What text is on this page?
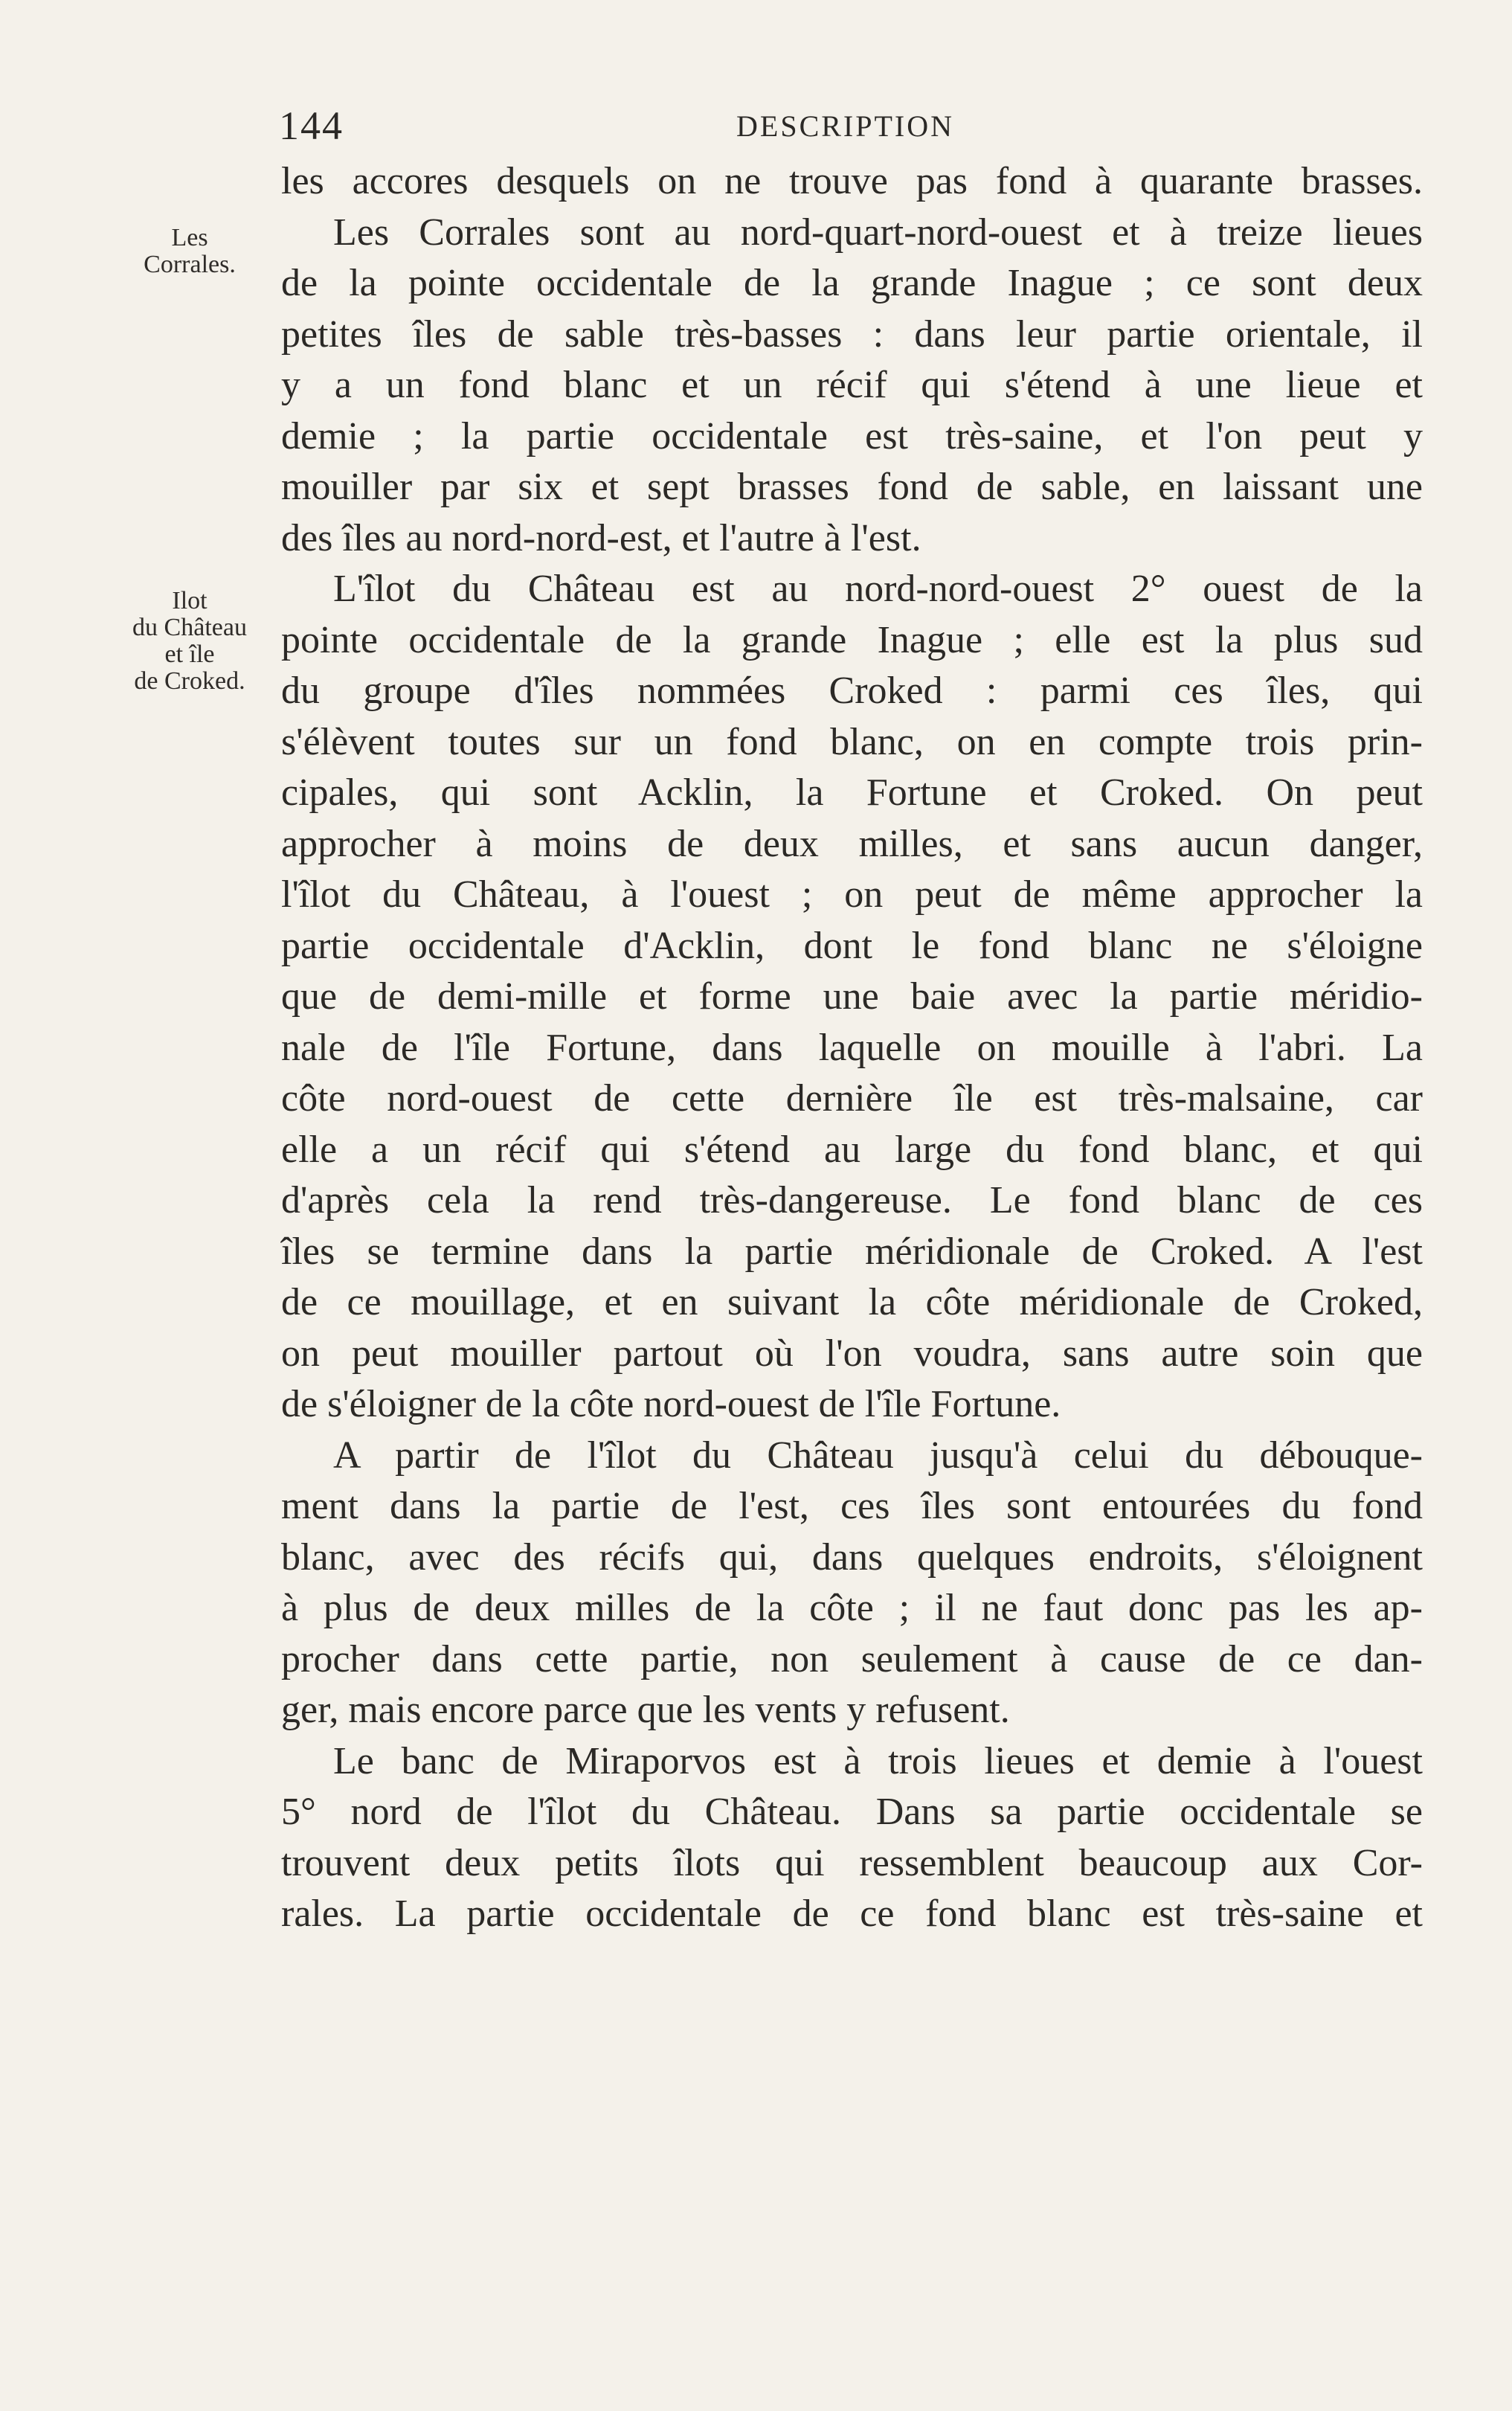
144	DESCRIPTION
Les
Corrales.
Ilot
du Château
et île
de Croked.
les accores desquels on ne trouve pas fond à quarante brasses.
Les Corrales sont au nord-quart-nord-ouest et à treize lieues
de la pointe occidentale de la grande Inague ; ce sont deux
petites îles de sable très-basses : dans leur partie orientale, il
y a un fond blanc et un récif qui s'étend à une lieue et
demie ; la partie occidentale est très-saine, et l'on peut y
mouiller par six et sept brasses fond de sable, en laissant une
des îles au nord-nord-est, et l'autre à l'est.
L'îlot du Château est au nord-nord-ouest 2° ouest de la
pointe occidentale de la grande Inague ; elle est la plus sud
du groupe d'îles nommées Croked : parmi ces îles, qui
s'élèvent toutes sur un fond blanc, on en compte trois prin-
cipales, qui sont Acklin, la Fortune et Croked. On peut
approcher à moins de deux milles, et sans aucun danger,
l'îlot du Château, à l'ouest ; on peut de même approcher la
partie occidentale d'Acklin, dont le fond blanc ne s'éloigne
que de demi-mille et forme une baie avec la partie méridio-
nale de l'île Fortune, dans laquelle on mouille à l'abri. La
côte nord-ouest de cette dernière île est très-malsaine, car
elle a un récif qui s'étend au large du fond blanc, et qui
d'après cela la rend très-dangereuse. Le fond blanc de ces
îles se termine dans la partie méridionale de Croked. A l'est
de ce mouillage, et en suivant la côte méridionale de Croked,
on peut mouiller partout où l'on voudra, sans autre soin que
de s'éloigner de la côte nord-ouest de l'île Fortune.
A partir de l'îlot du Château jusqu'à celui du débouque-
ment dans la partie de l'est, ces îles sont entourées du fond
blanc, avec des récifs qui, dans quelques endroits, s'éloignent
à plus de deux milles de la côte ; il ne faut donc pas les ap-
procher dans cette partie, non seulement à cause de ce dan-
ger, mais encore parce que les vents y refusent.
Le banc de Miraporvos est à trois lieues et demie à l'ouest
5° nord de l'îlot du Château. Dans sa partie occidentale se
trouvent deux petits îlots qui ressemblent beaucoup aux Cor-
rales. La partie occidentale de ce fond blanc est très-saine et
